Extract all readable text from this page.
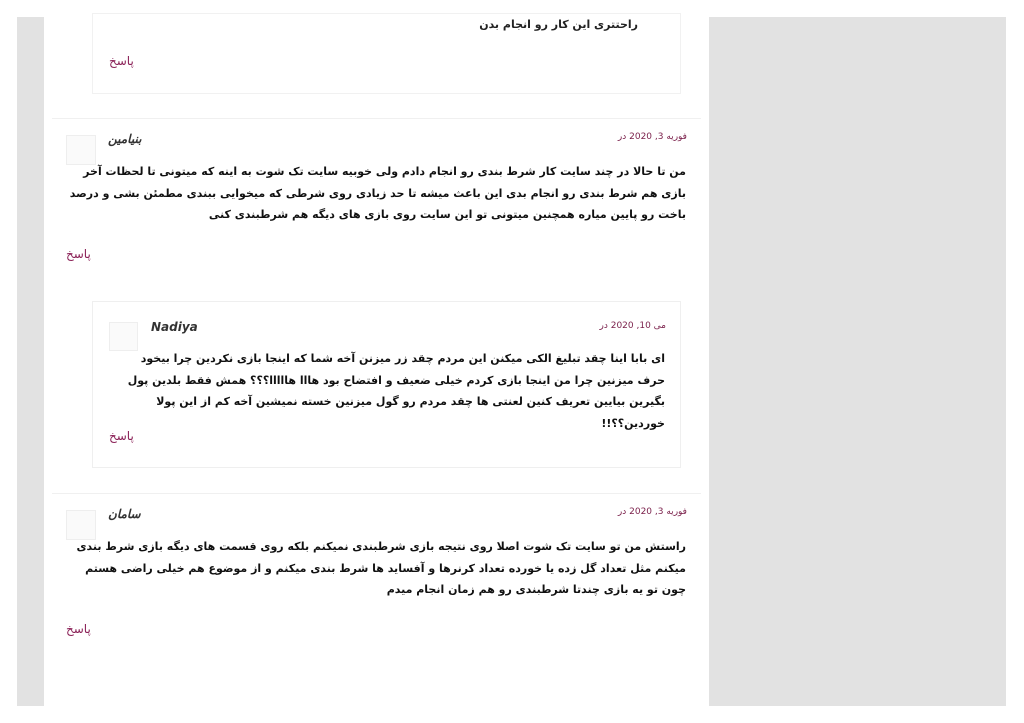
راحتتری این کار رو انجام بدن
پاسخ
بنیامین	فوریه 3, 2020 در
من تا حالا در چند سایت کار شرط بندی رو انجام دادم ولی خوبیه سایت تک شوت به اینه که میتونی تا لحظات آخر بازی هم شرط بندی رو انجام بدی این باعث میشه تا حد زیادی روی شرطی که میخوایی ببندی مطمئن بشی و درصد باخت رو پایین میاره همچنین میتونی تو این سایت روی بازی های دیگه هم شرطبندی کنی
پاسخ
Nadiya	می 10, 2020 در
ای بابا اینا چقد تبلیغ الکی میکنن این مردم چقد زر میزنن آخه شما که اینجا بازی نکردین چرا بیخود حرف میزنین چرا من اینجا بازی کردم خیلی ضعیف و افتضاح بود هااا هااااا؟؟؟ همش فقط بلدین پول بگیرین بیایین تعریف کنین لعنتی ها چقد مردم رو گول میزنین خسته نمیشین آخه کم از این پولا خوردین؟؟!!
پاسخ
سامان	فوریه 3, 2020 در
راستش من تو سایت تک شوت اصلا روی نتیجه بازی شرطبندی نمیکنم بلکه روی قسمت های دیگه بازی شرط بندی میکنم مثل تعداد گل زده یا خورده تعداد کرنرها و آفساید ها شرط بندی میکنم و از موضوع هم خیلی راضی هستم چون تو یه بازی چندتا شرطبندی رو هم زمان انجام میدم
پاسخ
